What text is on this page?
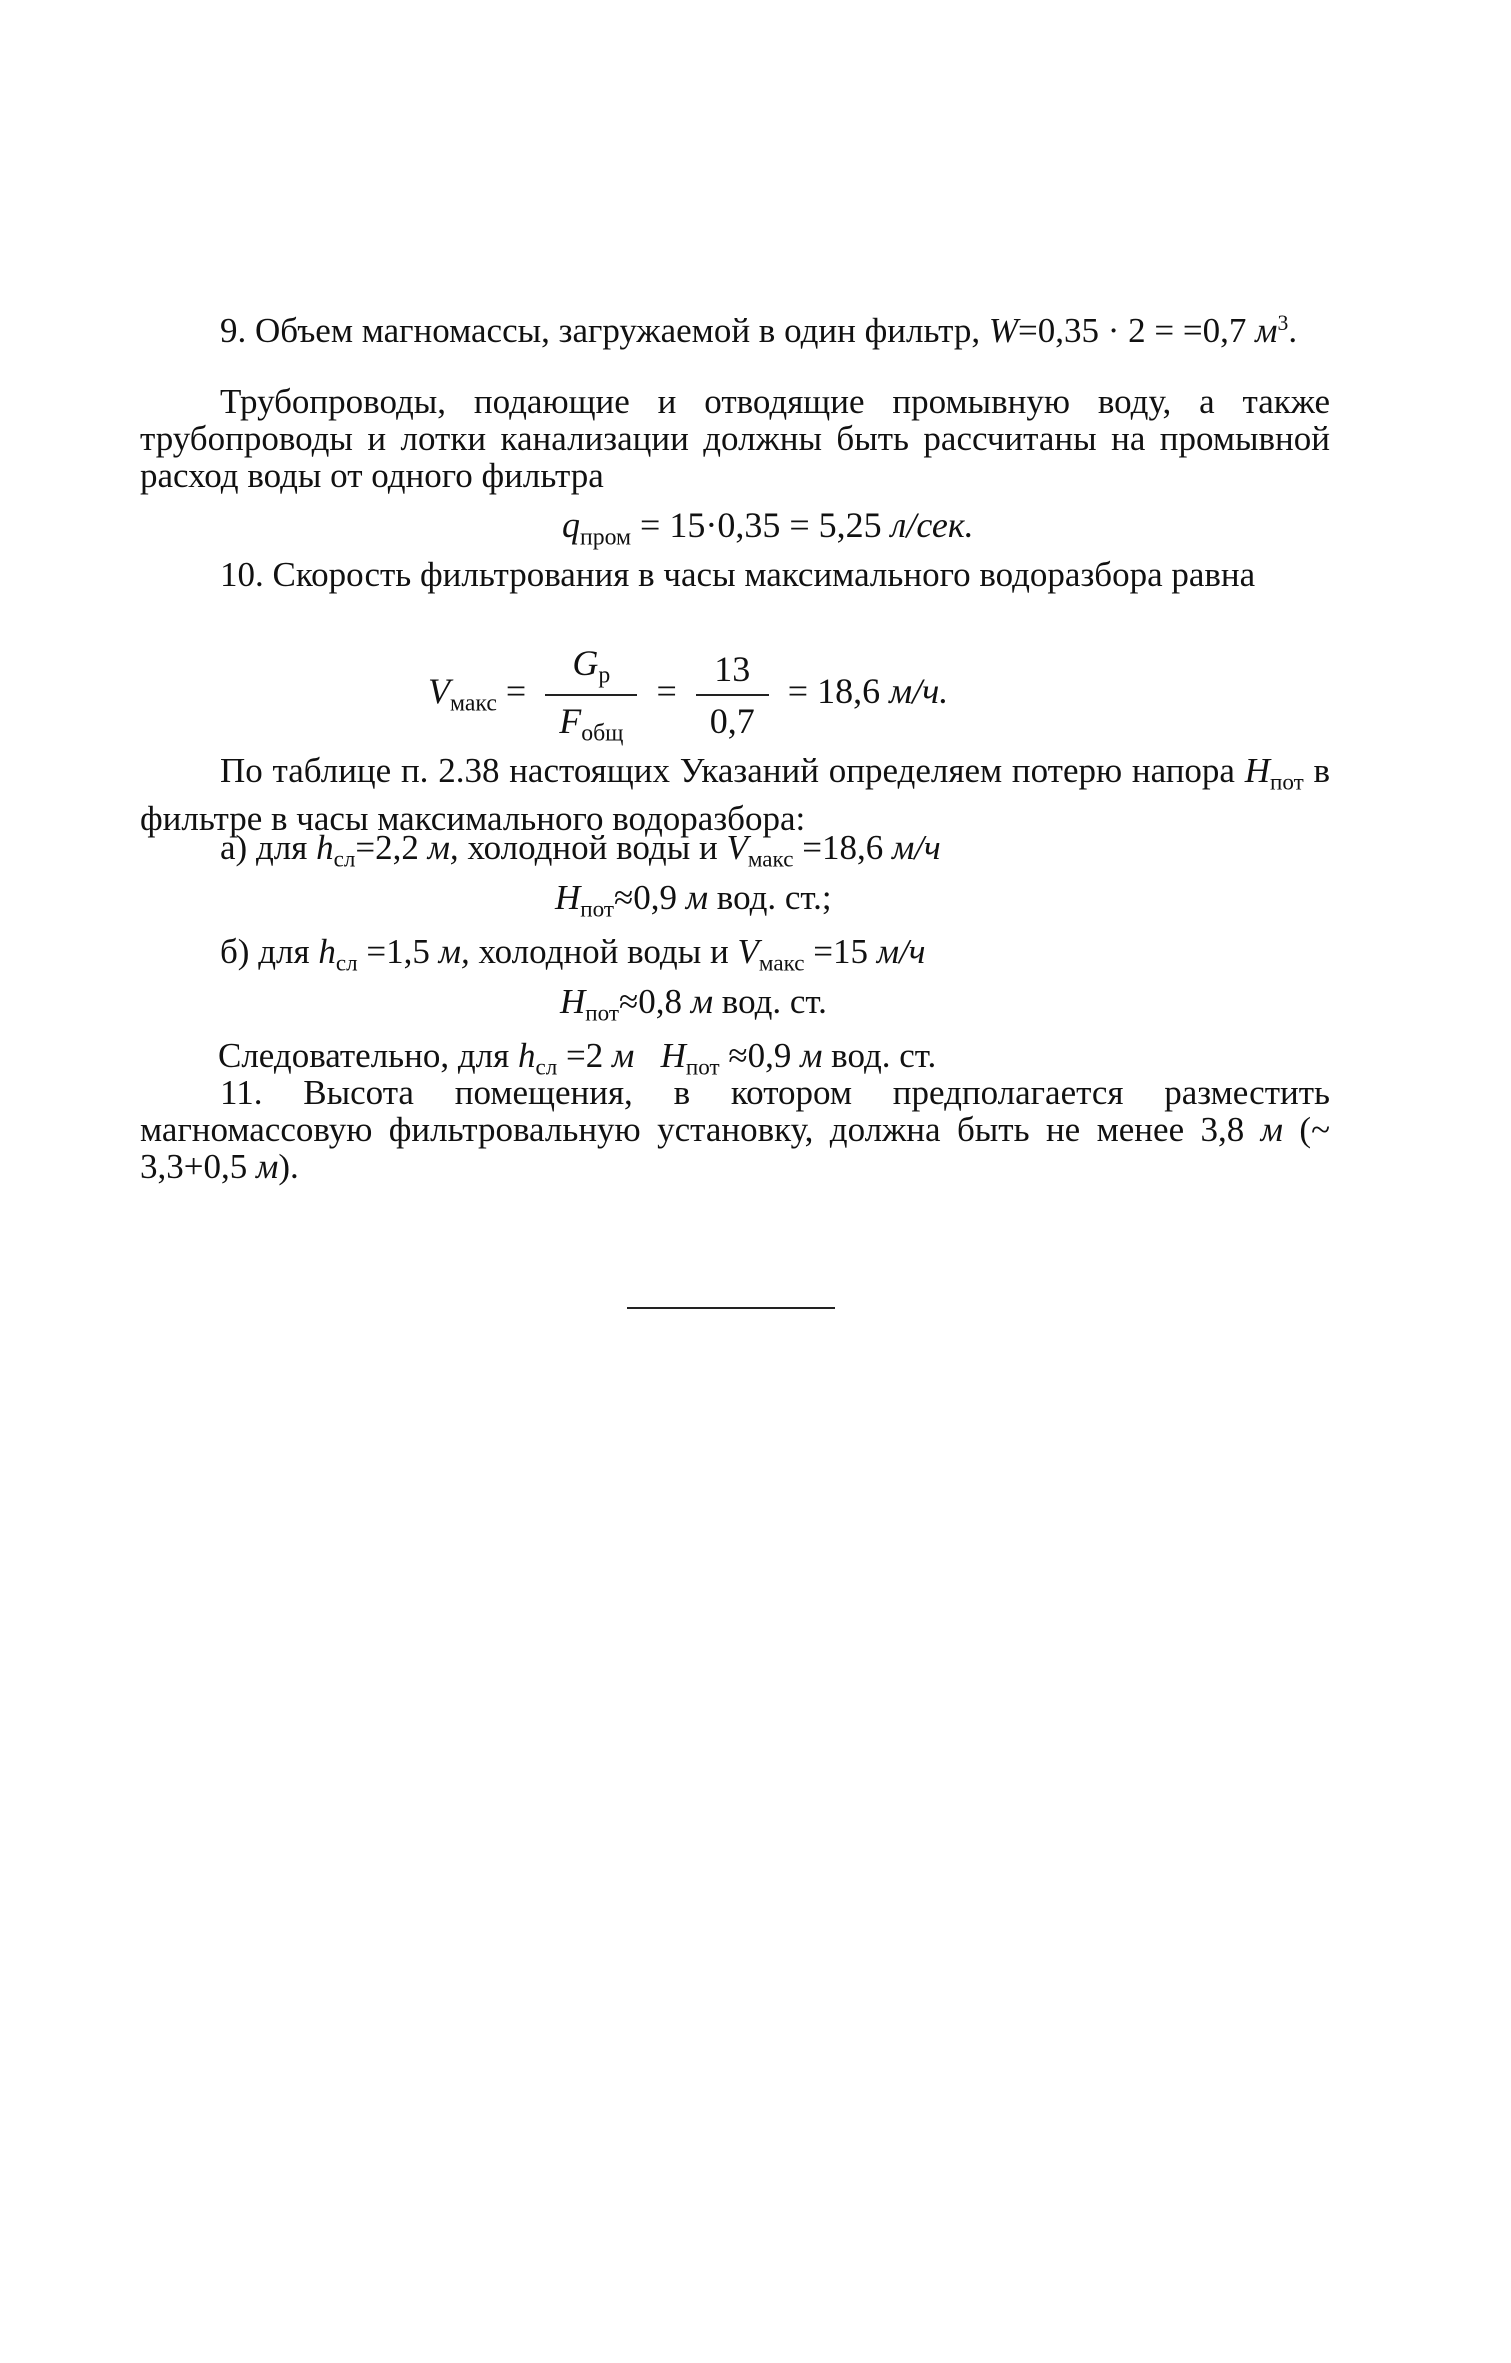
9. Объем магномассы, загружаемой в один фильтр, W=0,35 · 2 = =0,7 $м^3$.

Трубопроводы, подающие и отводящие промывную воду, а также трубопроводы и лотки канализации должны быть рассчитаны на промывной расход воды от одного фильтра

$q_{пром} = 15\cdot 0,35 = 5,25$ л/сек.

10. Скорость фильтрования в часы максимального водоразбора равна

$V_{макс} = \frac{G_р}{F_{общ}} = \frac{13}{0,7} = 18,6$ м/ч.

По таблице п. 2.38 настоящих Указаний определяем потерю напора $H_{пот}$ в фильтре в часы максимального водоразбора:

а) для $h_{сл}=2,2$ м, холодной воды и $V_{макс} =18,6$ м/ч
$H_{пот}\approx 0,9$ м вод. ст.;
б) для $h_{сл} =1,5$ м, холодной воды и $V_{макс} =15$ м/ч
$H_{пот}\approx 0,8$ м вод. ст.
Следовательно, для $h_{сл} =2$ м $H_{пот} \approx 0,9$ м вод. ст.

11. Высота помещения, в котором предполагается разместить магномассовую фильтровальную установку, должна быть не менее 3,8 м (~ 3,3+0,5 м).
